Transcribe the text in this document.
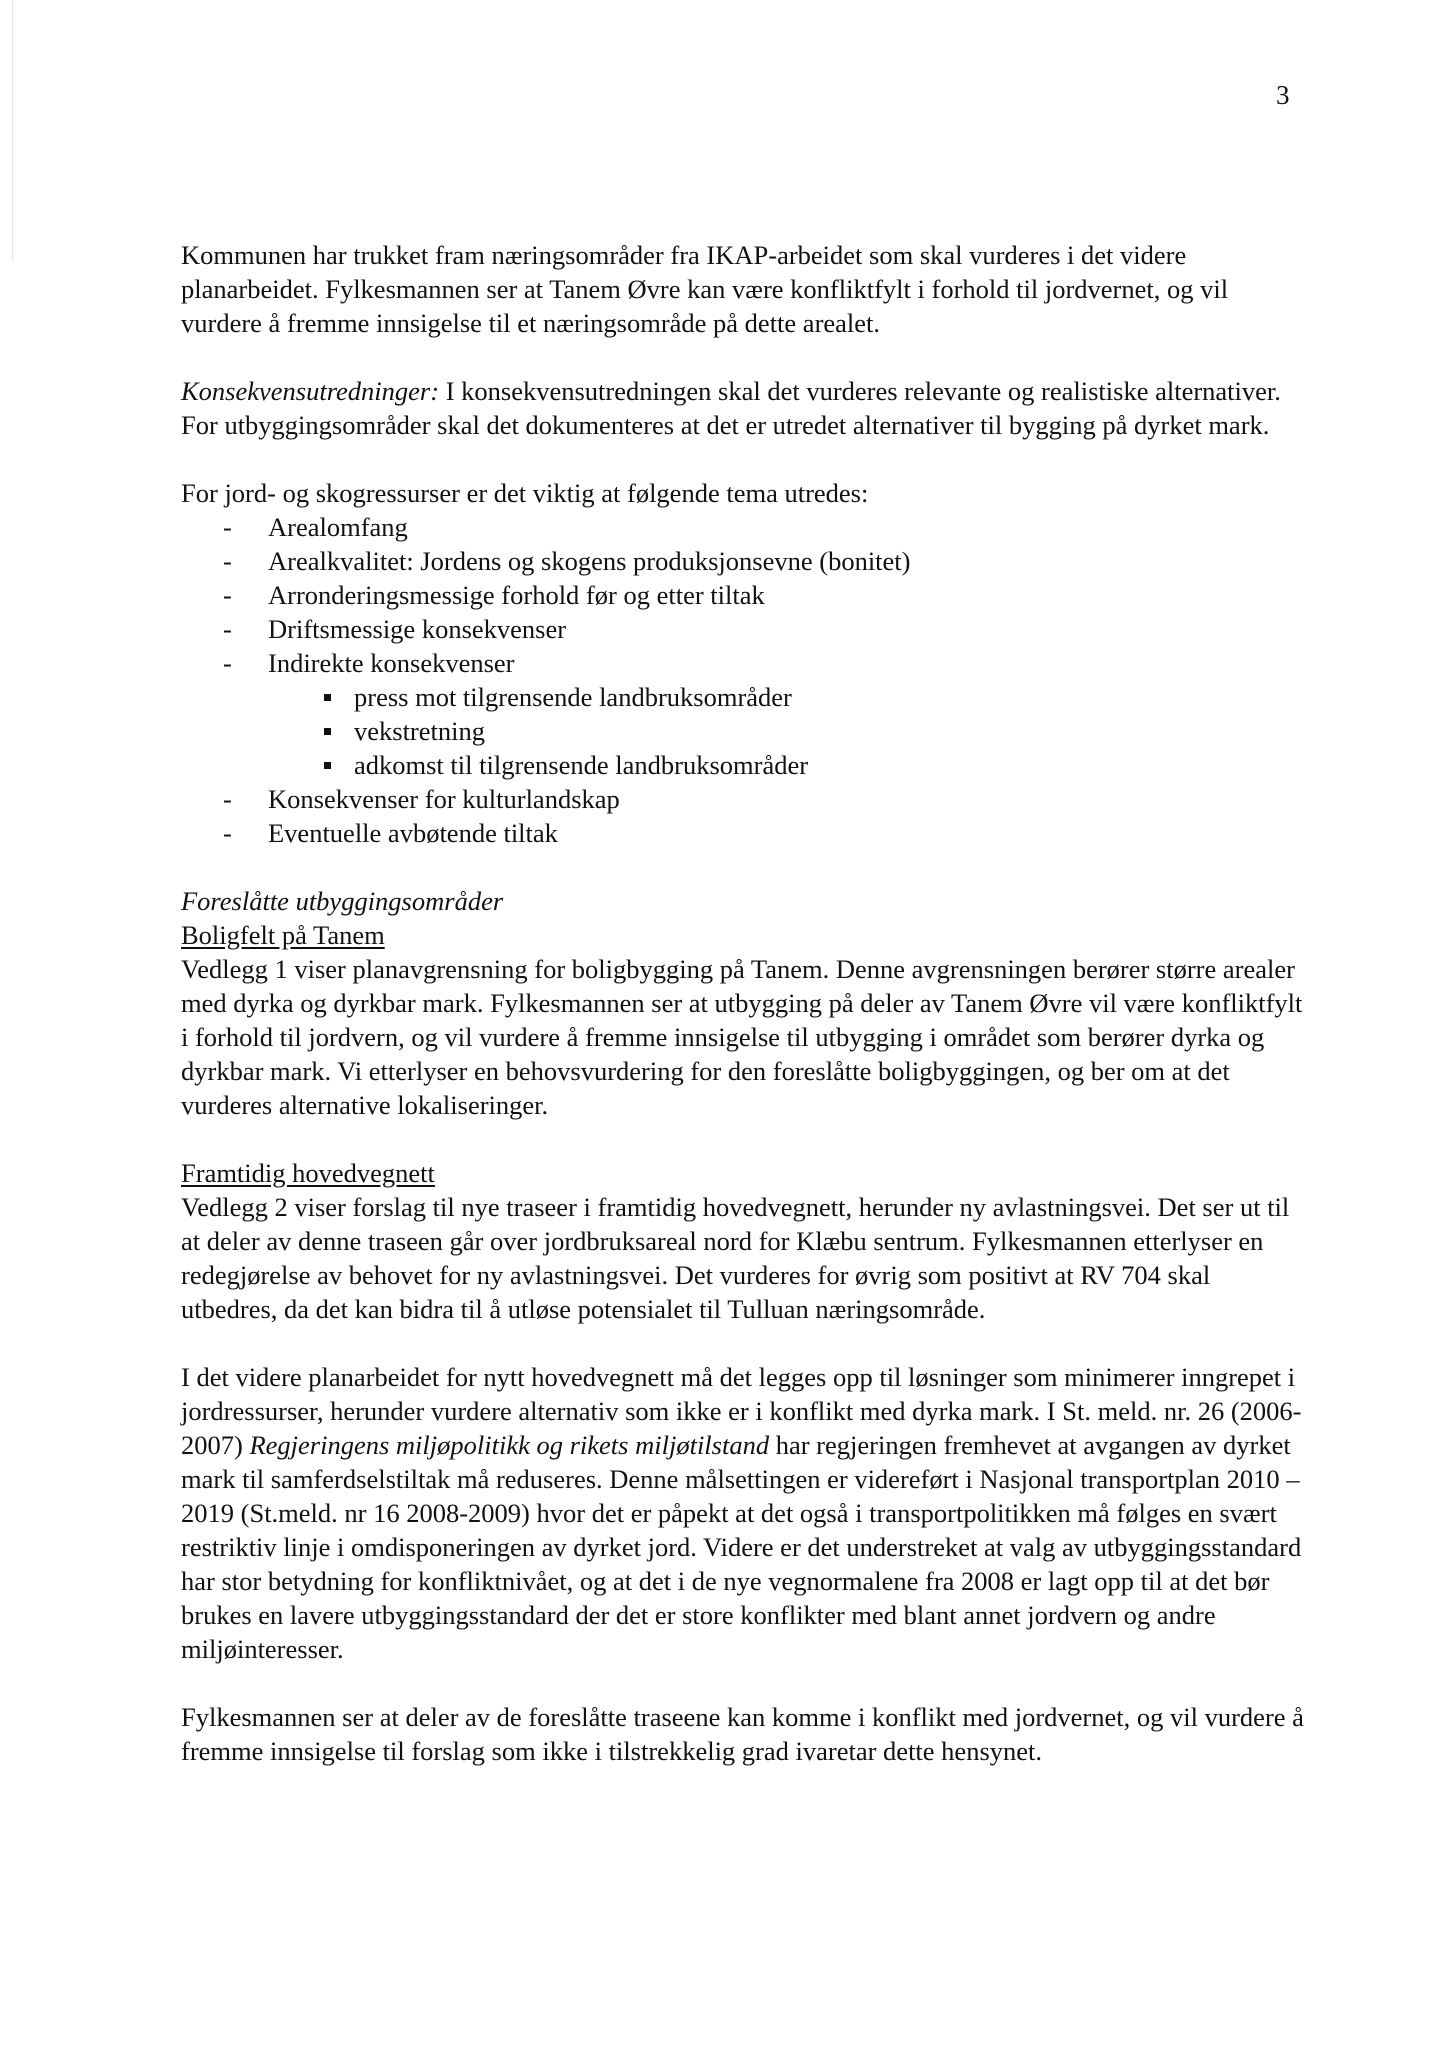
3

Kommunen har trukket fram næringsområder fra IKAP-arbeidet som skal vurderes i det videre planarbeidet. Fylkesmannen ser at Tanem Øvre kan være konfliktfylt i forhold til jordvernet, og vil vurdere å fremme innsigelse til et næringsområde på dette arealet.

Konsekvensutredninger: I konsekvensutredningen skal det vurderes relevante og realistiske alternativer. For utbyggingsområder skal det dokumenteres at det er utredet alternativer til bygging på dyrket mark.

For jord- og skogressurser er det viktig at følgende tema utredes:

- Arealomfang
- Arealkvalitet: Jordens og skogens produksjonsevne (bonitet)
- Arronderingsmessige forhold før og etter tiltak
- Driftsmessige konsekvenser
- Indirekte konsekvenser
press mot tilgrensende landbruksområder
vekstretning
adkomst til tilgrensende landbruksområder
- Konsekvenser for kulturlandskap
- Eventuelle avbøtende tiltak
Foreslåtte utbyggingsområder
Boligfelt på Tanem

Vedlegg 1 viser planavgrensning for boligbygging på Tanem. Denne avgrensningen berører større arealer med dyrka og dyrkbar mark. Fylkesmannen ser at utbygging på deler av Tanem Øvre vil være konfliktfylt i forhold til jordvern, og vil vurdere å fremme innsigelse til utbygging i området som berører dyrka og dyrkbar mark. Vi etterlyser en behovsvurdering for den foreslåtte boligbyggingen, og ber om at det vurderes alternative lokaliseringer.

Framtidig hovedvegnett

Vedlegg 2 viser forslag til nye traseer i framtidig hovedvegnett, herunder ny avlastningsvei. Det ser ut til at deler av denne traseen går over jordbruksareal nord for Klæbu sentrum. Fylkesmannen etterlyser en redegjørelse av behovet for ny avlastningsvei. Det vurderes for øvrig som positivt at RV 704 skal utbedres, da det kan bidra til å utløse potensialet til Tulluan næringsområde.

I det videre planarbeidet for nytt hovedvegnett må det legges opp til løsninger som minimerer inngrepet i jordressurser, herunder vurdere alternativ som ikke er i konflikt med dyrka mark. I St. meld. nr. 26 (2006-2007) Regjeringens miljøpolitikk og rikets miljøtilstand har regjeringen fremhevet at avgangen av dyrket mark til samferdselstiltak må reduseres. Denne målsettingen er videreført i Nasjonal transportplan 2010 – 2019 (St.meld. nr 16 2008-2009) hvor det er påpekt at det også i transportpolitikken må følges en svært restriktiv linje i omdisponeringen av dyrket jord. Videre er det understreket at valg av utbyggingsstandard har stor betydning for konfliktnivået, og at det i de nye vegnormalene fra 2008 er lagt opp til at det bør brukes en lavere utbyggingsstandard der det er store konflikter med blant annet jordvern og andre miljøinteresser.

Fylkesmannen ser at deler av de foreslåtte traseene kan komme i konflikt med jordvernet, og vil vurdere å fremme innsigelse til forslag som ikke i tilstrekkelig grad ivaretar dette hensynet.
